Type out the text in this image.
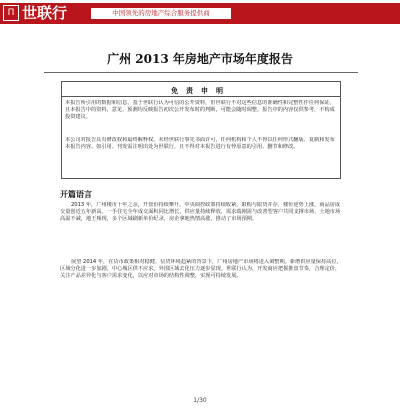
П 世联行	中国领先的房地产综合服务提供商
广州 2013 年房地产市场年度报告
免责申明
本报告所引用的数据和信息，基于世联行认为可信的公开资料，但世联行不对这些信息的准确性和完整性作任何保证，且本报告中的资料、意见、预测均反映报告初次公开发布时的判断，可能会随时调整。报告中的内容仅供参考，不构成投资建议。
本公司对报告具有修改权和最终解释权。未经世联行事先书面许可，任何机构和个人不得以任何形式翻版、复制和发布本报告内容。如引用、刊发需注明出处为世联行，且不得对本报告进行有悖原意的引用、删节和修改。
开篇语言
2013 年，广州楼市十年之余，开盘价持续攀升。中央调控政策持续收紧，限购与限贷并存，楼价逆势上涨，商品房成交量创近五年新高。一手住宅全年成交面积同比增长，供应量持续释放，需求端刚需与改善型客户共同支撑市场，土地市场高温不减，地王频现，多个区域刷新单价纪录，房企拿地热情高涨，推动了市场预期。
展望 2014 年，在货币政策相对稳健、信贷环境趋紧的背景下，广州房地产市场将进入调整期。新增供应量保持高位，区域分化进一步加剧，中心城区供不应求，外围区域去化压力逐步显现。世联行认为，开发商应把握推盘节奏，合理定价，关注产品差异化与客户需求变化，以应对市场的结构性调整，实现可持续发展。
1/30
